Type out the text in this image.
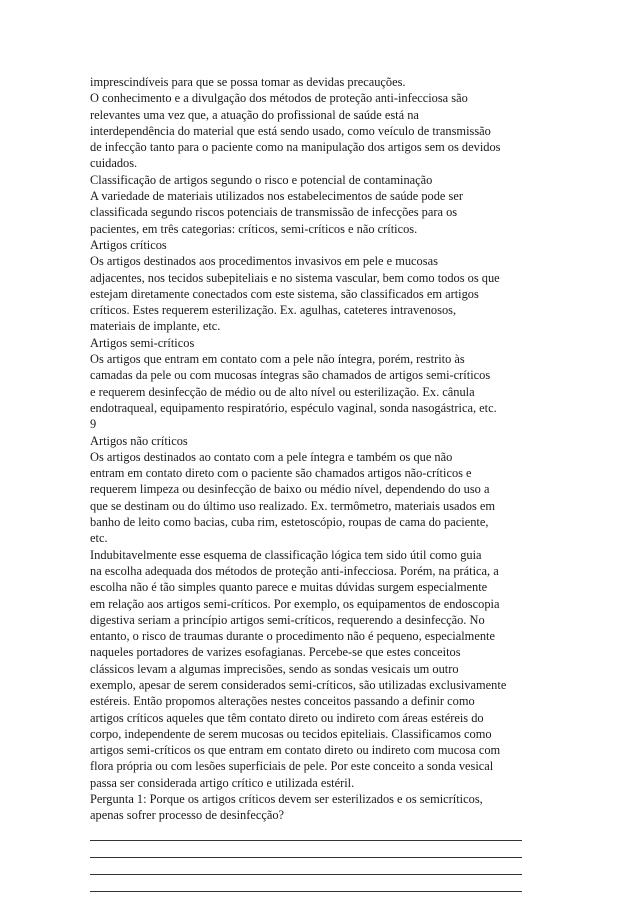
imprescindíveis para que se possa tomar as devidas precauções.
O conhecimento e a divulgação dos métodos de proteção anti-infecciosa são
relevantes uma vez que, a atuação do profissional de saúde está na
interdependência do material que está sendo usado, como veículo de transmissão
de infecção tanto para o paciente como na manipulação dos artigos sem os devidos
cuidados.
Classificação de artigos segundo o risco e potencial de contaminação
A variedade de materiais utilizados nos estabelecimentos de saúde pode ser
classificada segundo riscos potenciais de transmissão de infecções para os
pacientes, em três categorias: críticos, semi-críticos e não críticos.
Artigos críticos
Os artigos destinados aos procedimentos invasivos em pele e mucosas
adjacentes, nos tecidos subepiteliais e no sistema vascular, bem como todos os que
estejam diretamente conectados com este sistema, são classificados em artigos
críticos. Estes requerem esterilização. Ex. agulhas, cateteres intravenosos,
materiais de implante, etc.
Artigos semi-críticos
Os artigos que entram em contato com a pele não íntegra, porém, restrito às
camadas da pele ou com mucosas íntegras são chamados de artigos semi-críticos
e requerem desinfecção de médio ou de alto nível ou esterilização. Ex. cânula
endotraqueal, equipamento respiratório, espéculo vaginal, sonda nasogástrica, etc.
9
Artigos não críticos
Os artigos destinados ao contato com a pele íntegra e também os que não
entram em contato direto com o paciente são chamados artigos não-críticos e
requerem limpeza ou desinfecção de baixo ou médio nível, dependendo do uso a
que se destinam ou do último uso realizado. Ex. termômetro, materiais usados em
banho de leito como bacias, cuba rim, estetoscópio, roupas de cama do paciente,
etc.
Indubitavelmente esse esquema de classificação lógica tem sido útil como guia
na escolha adequada dos métodos de proteção anti-infecciosa. Porém, na prática, a
escolha não é tão simples quanto parece e muitas dúvidas surgem especialmente
em relação aos artigos semi-críticos. Por exemplo, os equipamentos de endoscopia
digestiva seriam a princípio artigos semi-críticos, requerendo a desinfecção. No
entanto, o risco de traumas durante o procedimento não é pequeno, especialmente
naqueles portadores de varizes esofagianas. Percebe-se que estes conceitos
clássicos levam a algumas imprecisões, sendo as sondas vesicais um outro
exemplo, apesar de serem considerados semi-críticos, são utilizadas exclusivamente
estéreis. Então propomos alterações nestes conceitos passando a definir como
artigos críticos aqueles que têm contato direto ou indireto com áreas estéreis do
corpo, independente de serem mucosas ou tecidos epiteliais. Classificamos como
artigos semi-críticos os que entram em contato direto ou indireto com mucosa com
flora própria ou com lesões superficiais de pele. Por este conceito a sonda vesical
passa ser considerada artigo crítico e utilizada estéril.
Pergunta 1: Porque os artigos críticos devem ser esterilizados e os semicríticos,
apenas sofrer processo de desinfecção?
